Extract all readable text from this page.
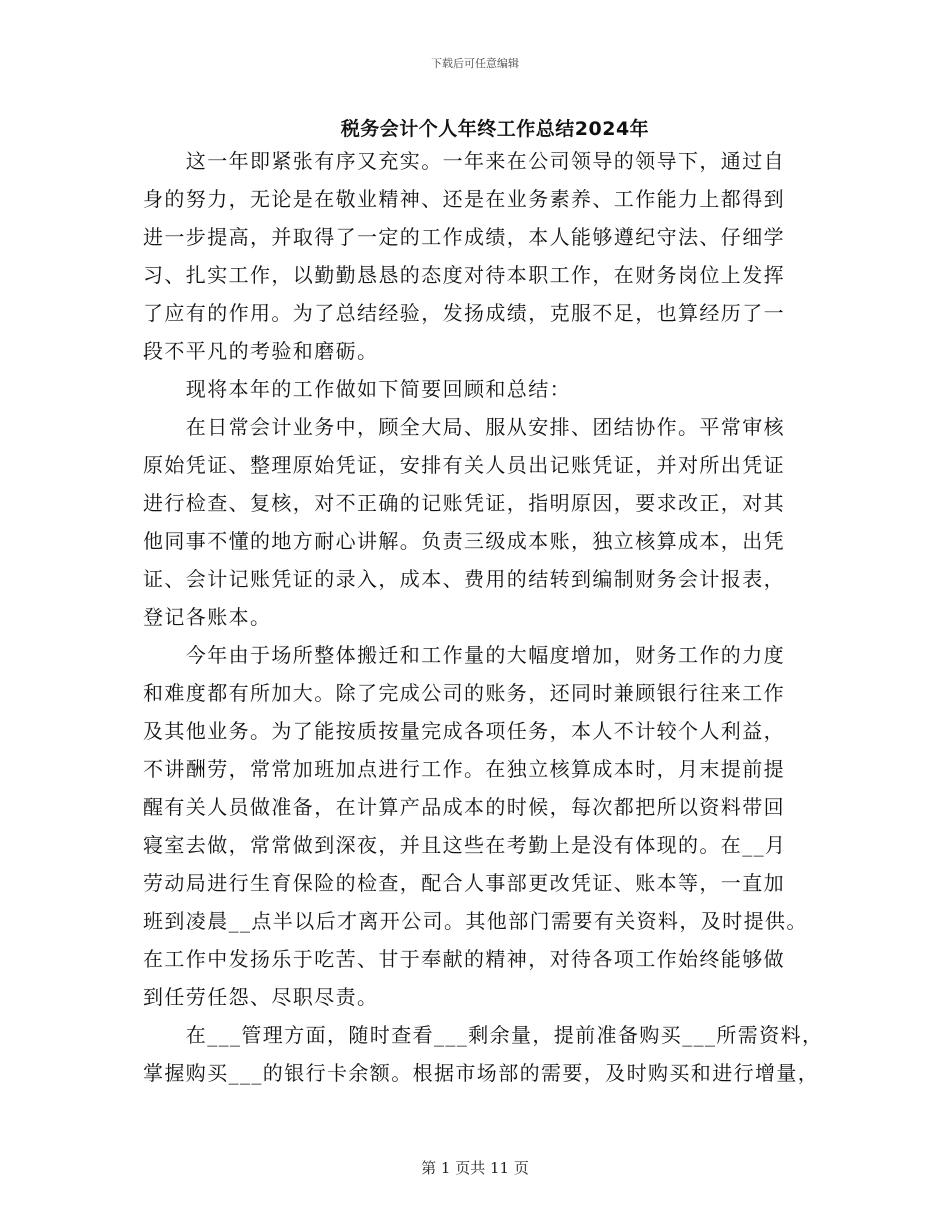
下载后可任意编辑
税务会计个人年终工作总结2024年
　　这一年即紧张有序又充实。一年来在公司领导的领导下，通过自
身的努力，无论是在敬业精神、还是在业务素养、工作能力上都得到
进一步提高，并取得了一定的工作成绩，本人能够遵纪守法、仔细学
习、扎实工作，以勤勤恳恳的态度对待本职工作，在财务岗位上发挥
了应有的作用。为了总结经验，发扬成绩，克服不足，也算经历了一
段不平凡的考验和磨砺。
　　现将本年的工作做如下简要回顾和总结：
　　在日常会计业务中，顾全大局、服从安排、团结协作。平常审核
原始凭证、整理原始凭证，安排有关人员出记账凭证，并对所出凭证
进行检查、复核，对不正确的记账凭证，指明原因，要求改正，对其
他同事不懂的地方耐心讲解。负责三级成本账，独立核算成本，出凭
证、会计记账凭证的录入，成本、费用的结转到编制财务会计报表，
登记各账本。
　　今年由于场所整体搬迁和工作量的大幅度增加，财务工作的力度
和难度都有所加大。除了完成公司的账务，还同时兼顾银行往来工作
及其他业务。为了能按质按量完成各项任务，本人不计较个人利益，
不讲酬劳，常常加班加点进行工作。在独立核算成本时，月末提前提
醒有关人员做准备，在计算产品成本的时候，每次都把所以资料带回
寝室去做，常常做到深夜，并且这些在考勤上是没有体现的。在__月
劳动局进行生育保险的检查，配合人事部更改凭证、账本等，一直加
班到凌晨__点半以后才离开公司。其他部门需要有关资料，及时提供。
在工作中发扬乐于吃苦、甘于奉献的精神，对待各项工作始终能够做
到任劳任怨、尽职尽责。
　　在___管理方面，随时查看___剩余量，提前准备购买___所需资料，
掌握购买___的银行卡余额。根据市场部的需要，及时购买和进行增量，
第 1 页共 11 页
